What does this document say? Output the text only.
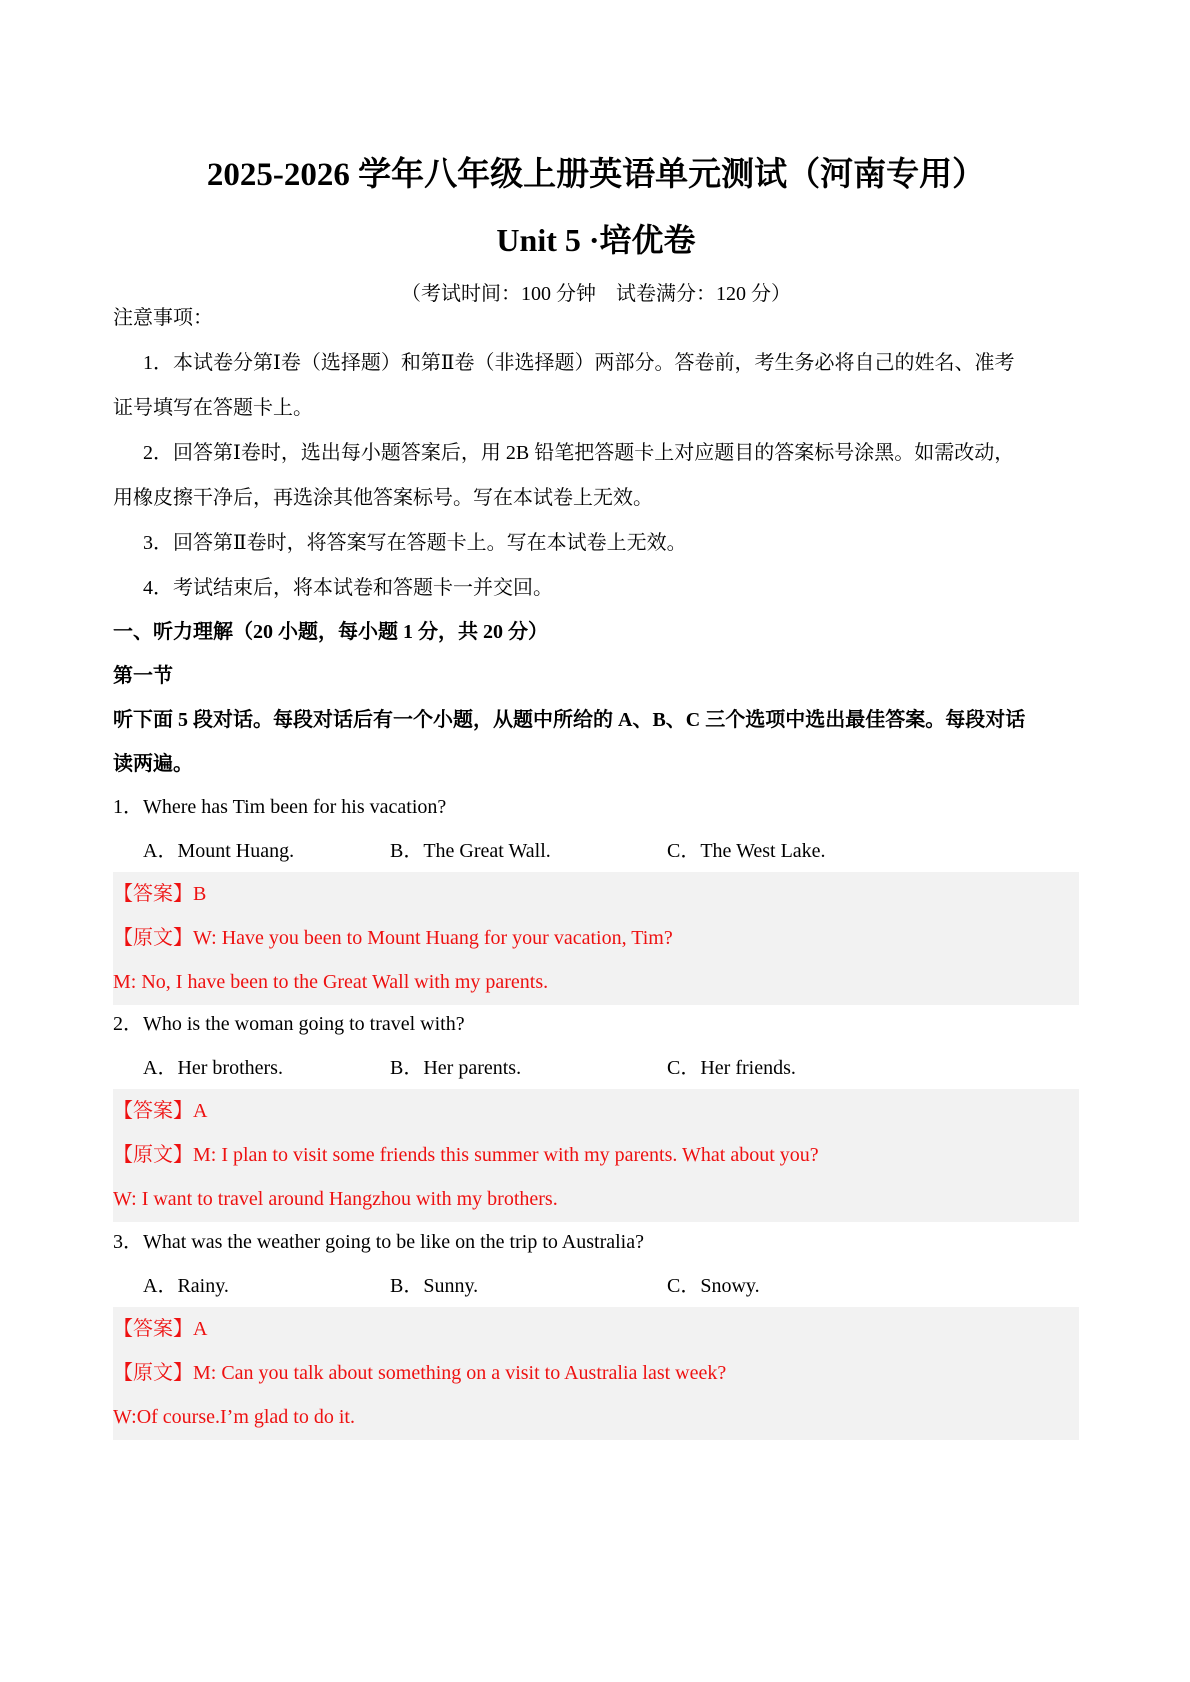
2025-2026 学年八年级上册英语单元测试（河南专用）
Unit 5 ·培优卷
（考试时间：100 分钟　试卷满分：120 分）
注意事项：
1．本试卷分第Ⅰ卷（选择题）和第Ⅱ卷（非选择题）两部分。答卷前，考生务必将自己的姓名、准考
证号填写在答题卡上。
2．回答第Ⅰ卷时，选出每小题答案后，用 2B 铅笔把答题卡上对应题目的答案标号涂黑。如需改动，
用橡皮擦干净后，再选涂其他答案标号。写在本试卷上无效。
3．回答第Ⅱ卷时，将答案写在答题卡上。写在本试卷上无效。
4．考试结束后，将本试卷和答题卡一并交回。
一、听力理解（20 小题，每小题 1 分，共 20 分）
第一节
听下面 5 段对话。每段对话后有一个小题，从题中所给的 A、B、C 三个选项中选出最佳答案。每段对话
读两遍。
1．Where has Tim been for his vacation?
A．Mount Huang.	B．The Great Wall.	C．The West Lake.
【答案】B
【原文】W: Have you been to Mount Huang for your vacation, Tim?
M: No, I have been to the Great Wall with my parents.
2．Who is the woman going to travel with?
A．Her brothers.	B．Her parents.	C．Her friends.
【答案】A
【原文】M: I plan to visit some friends this summer with my parents. What about you?
W: I want to travel around Hangzhou with my brothers.
3．What was the weather going to be like on the trip to Australia?
A．Rainy.	B．Sunny.	C．Snowy.
【答案】A
【原文】M: Can you talk about something on a visit to Australia last week?
W:Of course.I’m glad to do it.
